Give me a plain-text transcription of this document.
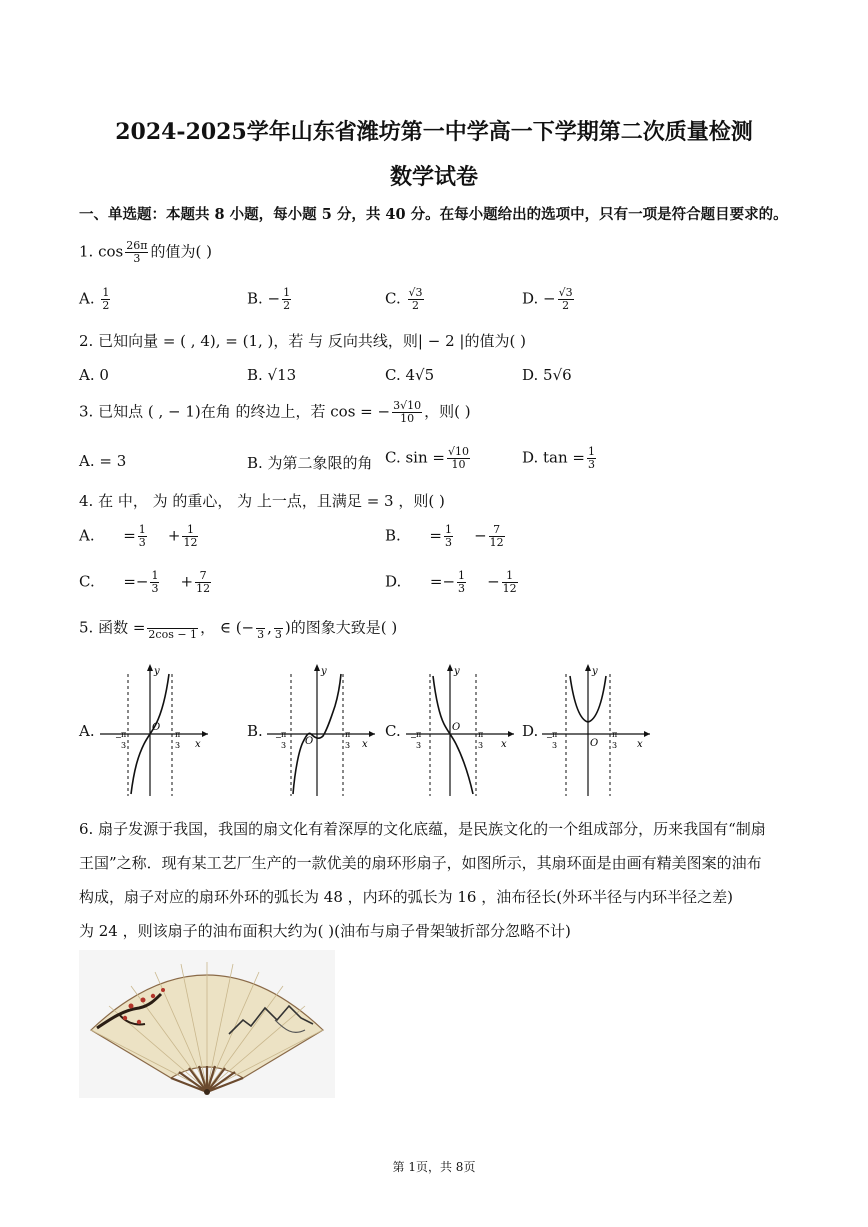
2024-2025学年山东省潍坊第一中学高一下学期第二次质量检测
数学试卷
一、单选题：本题共 8 小题，每小题 5 分，共 40 分。在每小题给出的选项中，只有一项是符合题目要求的。
1. $\cos \frac{26\pi}{3}$ 的值为( )
A. $\frac{1}{2}$	B. − $\frac{1}{2}$	C. $\frac{√3}{2}$	D. − $\frac{√3}{2}$
2. 已知向量 = ( , 4), = (1, )，若 与 反向共线，则| − 2 |的值为( )
A. 0	B. √13	C. 4√5	D. 5√6
3. 已知点 ( , − 1)在角 的终边上，若 cos = − $\frac{3√10}{10}$ ，则( )
A. = 3	B. 为第二象限的角 C. $\sin = \frac{√10}{10}$	D. $\tan = \frac{1}{3}$
4. 在 中， 为 的重心， 为 上一点，且满足 = 3 ，则( )
A. = $\frac{1}{3} + \frac{1}{12}$	B. = $\frac{1}{3} - \frac{7}{12}$
C. =− $\frac{1}{3} + \frac{7}{12}$	D. =− $\frac{1}{3} - \frac{1}{12}$
5. 函数 =
2cos − 1 ， ∈ (−
3 ,
3 )的图象大致是( )
A.	B.	C.	D.
y
x
O
− π
3
π
3
y
x
O
− π
3
π
3
y
x
O
− π
3
π
3
y
x
O
− π
3
π
3
6. 扇子发源于我国，我国的扇文化有着深厚的文化底蕴，是民族文化的一个组成部分，历来我国有“制扇
王国”之称．现有某工艺厂生产的一款优美的扇环形扇子，如图所示，其扇环面是由画有精美图案的油布
构成，扇子对应的扇环外环的弧长为 48 ，内环的弧长为 16 ，油布径长(外环半径与内环半径之差)
为 24 ，则该扇子的油布面积大约为( )(油布与扇子骨架皱折部分忽略不计)
第 1页，共 8页
